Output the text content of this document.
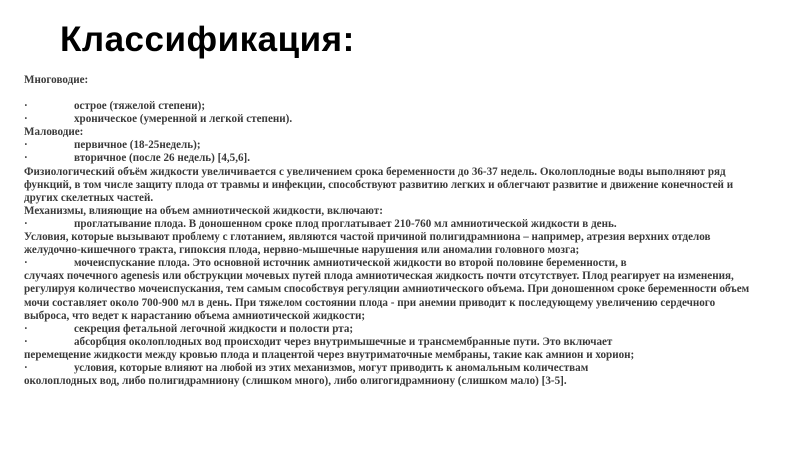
Классификация:
Многоводие:
·	острое (тяжелой степени);
·	хроническое (умеренной и легкой степени).
Маловодие:
·	первичное (18-25недель);
·	вторичное (после 26 недель) [4,5,6].
Физиологический объём жидкости увеличивается с увеличением срока беременности до 36-37 недель. Околоплодные воды выполняют ряд функций, в том числе защиту плода от травмы и инфекции, способствуют развитию легких и облегчают развитие и движение конечностей и других скелетных частей.
Механизмы, влияющие на объем амниотической жидкости, включают:
·	проглатывание плода. В доношенном сроке плод проглатывает 210-760 мл амниотической жидкости в день.
Условия, которые вызывают проблему с глотанием, являются частой причиной полигидрамниона – например, атрезия верхних отделов желудочно-кишечного тракта, гипоксия плода, нервно-мышечные нарушения или аномалии головного мозга;
·	мочеиспускание плода. Это основной источник амниотической жидкости во второй половине беременности, в
случаях почечного agenesis или обструкции мочевых путей плода амниотическая жидкость почти отсутствует. Плод реагирует на изменения, регулируя количество мочеиспускания, тем самым способствуя регуляции амниотического объема. При доношенном сроке беременности объем мочи составляет около 700-900 мл в день. При тяжелом состоянии плода - при анемии приводит к последующему увеличению сердечного выброса, что ведет к нарастанию объема амниотической жидкости;
·	секреция фетальной легочной жидкости и полости рта;
·	абсорбция околоплодных вод происходит через внутримышечные и трансмембранные пути. Это включает
перемещение жидкости между кровью плода и плацентой через внутриматочные мембраны, такие как амнион и хорион;
·	условия, которые влияют на любой из этих механизмов, могут приводить к аномальным количествам
околоплодных вод, либо полигидрамниону (слишком много), либо олигогидрамниону (слишком мало) [3-5].
